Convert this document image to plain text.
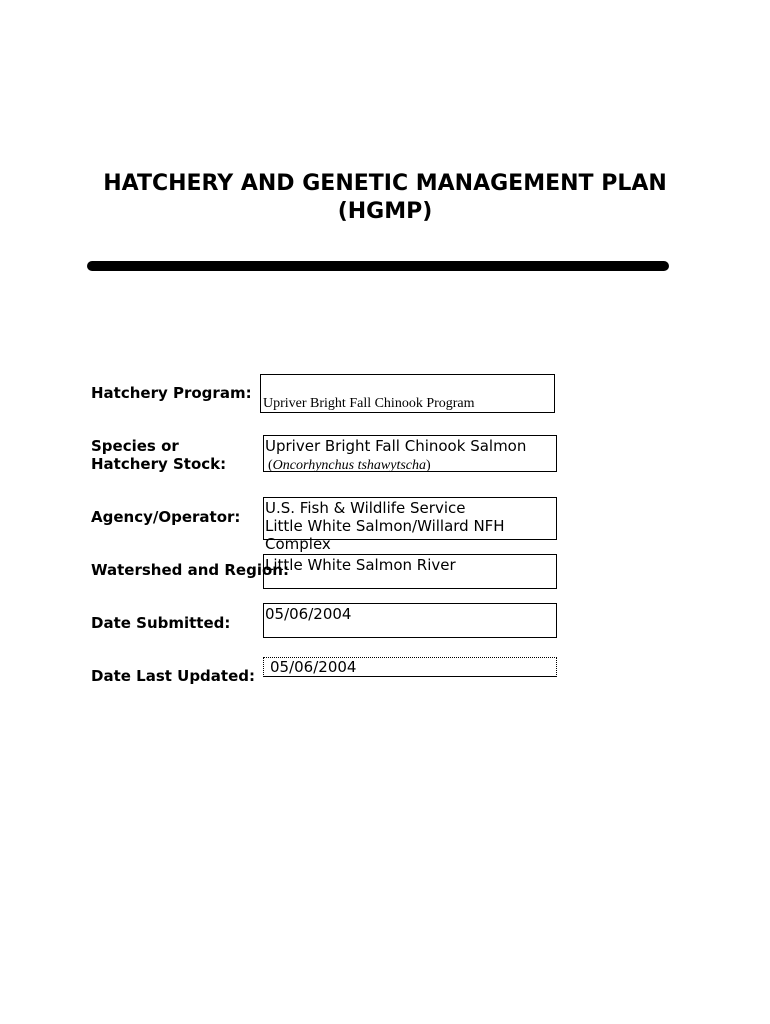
HATCHERY AND GENETIC MANAGEMENT PLAN
(HGMP)
Hatchery Program:
Upriver Bright Fall Chinook Program
Species or
Hatchery Stock:
Upriver Bright Fall Chinook Salmon
(Oncorhynchus tshawytscha)
Agency/Operator: U.S. Fish & Wildlife Service
Little White Salmon/Willard NFH
Complex
Little White Salmon River
Watershed and Region:
Date Submitted: 05/06/2004
Date Last Updated: 05/06/2004
